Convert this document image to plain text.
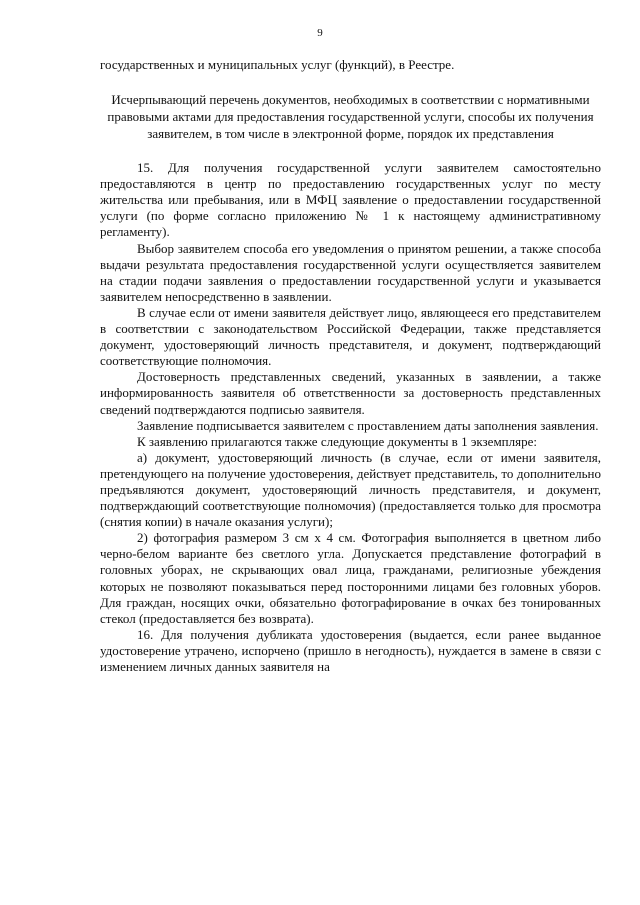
9

государственных и муниципальных услуг (функций), в Реестре.

Исчерпывающий перечень документов, необходимых в соответствии с нормативными правовыми актами для предоставления государственной услуги, способы их получения заявителем, в том числе в электронной форме, порядок их представления

15. Для получения государственной услуги заявителем самостоятельно предоставляются в центр по предоставлению государственных услуг по месту жительства или пребывания, или в МФЦ заявление о предоставлении государственной услуги (по форме согласно приложению № 1 к настоящему административному регламенту).

Выбор заявителем способа его уведомления о принятом решении, а также способа выдачи результата предоставления государственной услуги осуществляется заявителем на стадии подачи заявления о предоставлении государственной услуги и указывается заявителем непосредственно в заявлении.

В случае если от имени заявителя действует лицо, являющееся его представителем в соответствии с законодательством Российской Федерации, также представляется документ, удостоверяющий личность представителя, и документ, подтверждающий соответствующие полномочия.

Достоверность представленных сведений, указанных в заявлении, а также информированность заявителя об ответственности за достоверность представленных сведений подтверждаются подписью заявителя.

Заявление подписывается заявителем с проставлением даты заполнения заявления.

К заявлению прилагаются также следующие документы в 1 экземпляре:

а) документ, удостоверяющий личность (в случае, если от имени заявителя, претендующего на получение удостоверения, действует представитель, то дополнительно предъявляются документ, удостоверяющий личность представителя, и документ, подтверждающий соответствующие полномочия) (предоставляется только для просмотра (снятия копии) в начале оказания услуги);

2) фотография размером 3 см х 4 см. Фотография выполняется в цветном либо черно-белом варианте без светлого угла. Допускается представление фотографий в головных уборах, не скрывающих овал лица, гражданами, религиозные убеждения которых не позволяют показываться перед посторонними лицами без головных уборов. Для граждан, носящих очки, обязательно фотографирование в очках без тонированных стекол (предоставляется без возврата).

16. Для получения дубликата удостоверения (выдается, если ранее выданное удостоверение утрачено, испорчено (пришло в негодность), нуждается в замене в связи с изменением личных данных заявителя на
